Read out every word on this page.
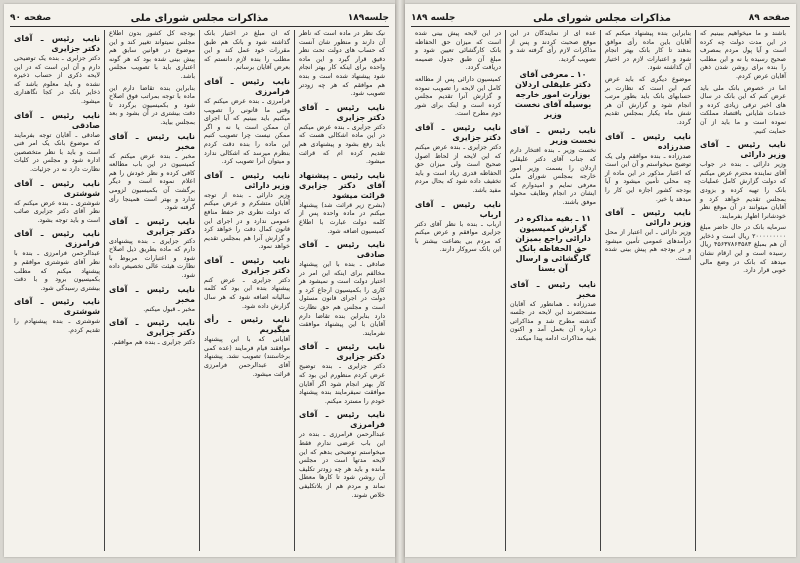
جلسه۱۸۹
مذاکرات مجلس شورای ملی
صفحه ۹۰
نیک نظر در ماده است که ناظر آن دارند و منظور شان آنست که حساب های دولت تحت نظر دقیق قرار گیرد و این ماده واحده برای اینکه کار بهتر انجام شود پیشنهاد شده است و بنده هم موافقم که هر چه زودتر تصویب شود.
نایب رئیس ـ آقای دکتر جزایری
دکتر جزایری ـ بنده عرض میکنم در این ماده اشکالی هست که باید رفع بشود و پیشنهادی هم تقدیم کرده ام که قرائت میشود.
نایب رئیس ـ پیشنهاد آقای دکتر جزایری قرائت میشود
(بشرح زیر قرائت شد) پیشنهاد میکنم در ماده واحده پس از کلمه دولت عبارت با اطلاع کمیسیون اضافه شود.
نایب رئیس ـ آقای صادقی
صادقی ـ بنده با این پیشنهاد مخالفم برای اینکه این امر در اختیار دولت است و نمیشود هر کاری را بکمیسیون ارجاع کرد و دولت در اجرای قانون مسئول است و مجلس هم حق نظارت دارد بنابراین بنده تقاضا دارم آقایان با این پیشنهاد موافقت نفرمایند.
نایب رئیس ـ آقای دکتر جزایری
دکتر جزایری ـ بنده توضیح عرض کردم منظورم این بود که کار بهتر انجام شود اگر آقایان موافقت نمیفرمایند بنده پیشنهاد خودم را مسترد میکنم.
نایب رئیس ـ آقای فرامرزی
عبدالرحمن فرامرزی ـ بنده در این باب عرضی ندارم فقط میخواستم توضیحی بدهم که این لایحه مدتها است در مجلس مانده و باید هر چه زودتر تکلیف آن روشن شود تا کارها معطل نماند و مردم هم از بلاتکلیفی خلاص شوند.
که آن مبلغ در اختیار بانک گذاشته شود و بانک هم طبق مقررات خود عمل کند و این مطلب را بنده لازم دانستم که بعرض آقایان برسانم.
نایب رئیس ـ آقای فرامرزی
فرامرزی ـ بنده عرض میکنم که وقتی ما قانونی را تصویب میکنیم باید ببینیم که آیا اجرای آن ممکن است یا نه و اگر ممکن نیست چرا تصویب کنیم این ماده را بنده دقت کردم بنظرم میرسد که اشکالی ندارد و میتوان آنرا تصویب کرد.
نایب رئیس ـ آقای وزیر دارائی
وزیر دارائی ـ بنده از توجه آقایان متشکرم و عرض میکنم که دولت نظری جز حفظ منافع عمومی ندارد و در اجرای این قانون کمال دقت را خواهد کرد و گزارش آنرا هم بمجلس تقدیم خواهد نمود.
نایب رئیس ـ آقای دکتر جزایری
دکتر جزایری ـ عرض کنم پیشنهاد بنده این بود که کلمه سالیانه اضافه شود که هر سال گزارش داده شود.
نایب رئیس ـ رأی میگیریم
آقایانی که با این پیشنهاد موافقند قیام فرمایند (عده کمی برخاستند) تصویب نشد. پیشنهاد آقای عبدالرحمن فرامرزی قرائت میشود.
بودجه کل کشور بدون اطلاع مجلس نمیتواند تغییر کند و این موضوع در قوانین سابق هم پیش بینی شده بود که هر گونه اعتباری باید با تصویب مجلس باشد.
بنابراین بنده تقاضا دارم این ماده با توجه بمراتب فوق اصلاح شود و بکمیسیون برگردد تا دقت بیشتری در آن بشود و بعد بمجلس بیاید.
نایب رئیس ـ آقای مخبر
مخبر ـ بنده عرض میکنم که کمیسیون در این باب مطالعه کافی کرده و نظر خودش را هم اعلام نموده است و دیگر برگشت آن بکمیسیون لزومی ندارد و بهتر است همینجا رأی گرفته شود.
نایب رئیس ـ آقای دکتر جزایری
دکتر جزایری ـ بنده پیشنهادی دارم که ماده بطریق ذیل اصلاح شود و اعتبارات مربوط با نظارت هیئت عالی تخصیص داده شود.
نایب رئیس ـ آقای مخبر
مخبر ـ قبول میکنم.
نایب رئیس ـ آقای دکتر جزایری
دکتر جزایری ـ بنده هم موافقم.
نایب رئیس ـ آقای دکتر جزایری
دکتر جزایری ـ بنده یک توضیحی دارم و آن این است که در این لایحه ذکری از حساب ذخیره نشده و باید معلوم باشد که ذخایر بانک در کجا نگاهداری میشود.
نایب رئیس ـ آقای صادقی
صادقی ـ آقایان توجه بفرمایند که موضوع بانک یک امر فنی است و باید با نظر متخصصین اداره شود و مجلس در کلیات نظارت دارد نه در جزئیات.
نایب رئیس ـ آقای شوشتری
شوشتری ـ بنده عرض میکنم که نظر آقای دکتر جزایری صائب است و باید توجه بشود.
نایب رئیس ـ آقای فرامرزی
عبدالرحمن فرامرزی ـ بنده با نظر آقای شوشتری موافقم و پیشنهاد میکنم که مطلب بکمیسیون برود و با دقت بیشتری رسیدگی شود.
نایب رئیس ـ آقای شوشتری
شوشتری ـ بنده پیشنهادم را تقدیم کردم.
صفحه ۸۹
مذاکرات مجلس شورای ملی
جلسه ۱۸۹
باشند و ما میخواهیم ببینیم که در این مدت دولت چه کرده است و آیا پول مردم بمصرف صحیح رسیده یا نه و این مطلب را بنده برای روشن شدن ذهن آقایان عرض کردم.
اما در خصوص بانک ملی باید عرض کنم که این بانک در سال های اخیر ترقی زیادی کرده و خدمات شایانی باقتصاد مملکت نموده است و ما باید از آن حمایت کنیم.
نایب رئیس ـ آقای وزیر دارائی
وزیر دارائی ـ بنده در جواب آقای نماینده محترم عرض میکنم که دولت گزارش کامل عملیات بانک را تهیه کرده و بزودی بمجلس تقدیم خواهد کرد و آقایان میتوانند در آن موقع نظر خودشانرا اظهار بفرمایند.
سرمایه بانک در حال حاضر مبلغ ۲۰۰۰۰۰۰۰۰۰ ریال است و ذخایر آن هم بمبلغ ۴۵۶۳۷۸۶۳۵۸۳ ریال رسیده است و این ارقام نشان میدهد که بانک در وضع مالی خوبی قرار دارد.
بنابراین بنده پیشنهاد میکنم که آقایان باین ماده رأی موافق بدهند تا کار بانک بهتر انجام شود و اعتبارات لازم در اختیار آن گذاشته شود.
موضوع دیگری که باید عرض کنم این است که نظارت بر حسابهای بانک باید بطور مرتب انجام شود و گزارش آن هر شش ماه یکبار بمجلس تقدیم گردد.
نایب رئیس ـ آقای صدرزاده
صدرزاده ـ بنده موافقم ولی یک توضیح میخواستم و آن این است که اعتبار مذکور در این ماده از چه محلی تأمین میشود و آیا بودجه کشور اجازه این کار را میدهد یا خیر.
نایب رئیس ـ آقای وزیر دارائی
وزیر دارائی ـ این اعتبار از محل درآمدهای عمومی تأمین میشود و در بودجه هم پیش بینی شده است.
عده ای از نمایندگان در این موقع صحبت کردند و پس از مذاکرات لازم رأی گرفته شد و تصویب گردید.
۱۰ ـ معرفی آقای دکتر علیقلی اردلان بوزارت امور خارجه بوسیله آقای نخست وزیر
نایب رئیس ـ آقای نخست وزیر
نخست وزیر ـ بنده افتخار دارم که جناب آقای دکتر علیقلی اردلان را بسمت وزیر امور خارجه بمجلس شورای ملی معرفی نمایم و امیدوارم که ایشان در انجام وظایف محوله موفق باشند.
۱۱ ـ بقیه مذاکره در گزارش کمیسیون دارائی راجع بمیزان حق الحفاظه بانک گارگشائی و ارسال آن بسنا
نایب رئیس ـ آقای مخبر
صدرزاده ـ همانطور که آقایان مستحضرند این لایحه در جلسه گذشته مطرح شد و مذاکراتی درباره آن بعمل آمد و اکنون بقیه مذاکرات ادامه پیدا میکند.
در این لایحه پیش بینی شده است که میزان حق الحفاظه بانک کارگشائی تعیین شود و مبلغ آن طبق جدول ضمیمه دریافت گردد.
کمیسیون دارائی پس از مطالعه کامل این لایحه را تصویب نموده و گزارش آنرا تقدیم مجلس کرده است و اینک برای شور دوم مطرح است.
نایب رئیس ـ آقای دکتر جزایری
دکتر جزایری ـ بنده عرض میکنم که این لایحه از لحاظ اصول صحیح است ولی میزان حق الحفاظه قدری زیاد است و باید تخفیف داده شود که بحال مردم مفید باشد.
نایب رئیس ـ آقای ارباب
ارباب ـ بنده با نظر آقای دکتر جزایری موافقم و عرض میکنم که مردم بی بضاعت بیشتر با این بانک سروکار دارند.
